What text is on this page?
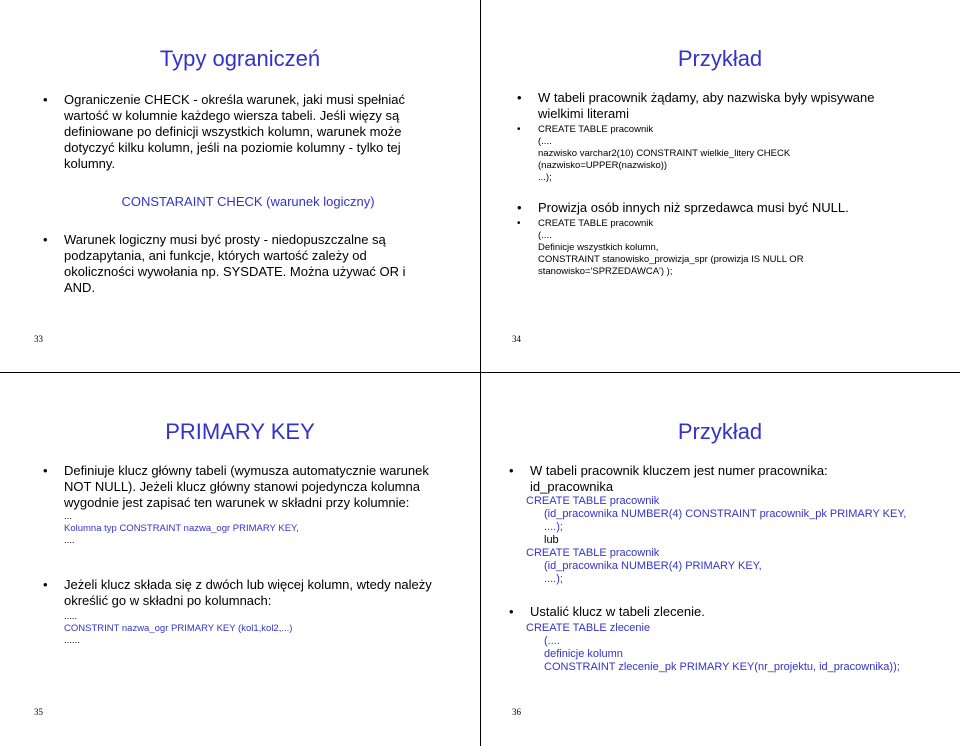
Typy ograniczeń
• Ograniczenie CHECK - określa warunek, jaki musi spełniać
wartość w kolumnie każdego wiersza tabeli. Jeśli więzy są
definiowane po definicji wszystkich kolumn, warunek może
dotyczyć kilku kolumn, jeśli na poziomie kolumny - tylko tej
kolumny.
CONSTARAINT CHECK (warunek logiczny)
• Warunek logiczny musi być prosty - niedopuszczalne są
podzapytania, ani funkcje, których wartość zależy od
okoliczności wywołania np. SYSDATE. Można używać OR i
AND.
33
Przykład
• W tabeli pracownik żądamy, aby nazwiska były wpisywane
wielkimi literami
• CREATE TABLE pracownik
(....
nazwisko varchar2(10) CONSTRAINT wielkie_litery CHECK
(nazwisko=UPPER(nazwisko))
...);
• Prowizja osób innych niż sprzedawca musi być NULL.
• CREATE TABLE pracownik
(....
Definicje wszystkich kolumn,
CONSTRAINT stanowisko_prowizja_spr (prowizja IS NULL OR
stanowisko='SPRZEDAWCA') );
34
PRIMARY KEY
• Definiuje klucz główny tabeli (wymusza automatycznie warunek
NOT NULL). Jeżeli klucz główny stanowi pojedyncza kolumna
wygodnie jest zapisać ten warunek w składni przy kolumnie:
...
Kolumna typ CONSTRAINT nazwa_ogr PRIMARY KEY,
....
• Jeżeli klucz składa się z dwóch lub więcej kolumn, wtedy należy
określić go w składni po kolumnach:
.....
CONSTRINT nazwa_ogr PRIMARY KEY (kol1,kol2,...)
......
35
Przykład
• W tabeli pracownik kluczem jest numer pracownika:
id_pracownika
CREATE TABLE pracownik
(id_pracownika NUMBER(4) CONSTRAINT pracownik_pk PRIMARY KEY,
....);
lub
CREATE TABLE pracownik
(id_pracownika NUMBER(4) PRIMARY KEY,
....);
• Ustalić klucz w tabeli zlecenie.
CREATE TABLE zlecenie
(....
definicje kolumn
CONSTRAINT zlecenie_pk PRIMARY KEY(nr_projektu, id_pracownika));
36
